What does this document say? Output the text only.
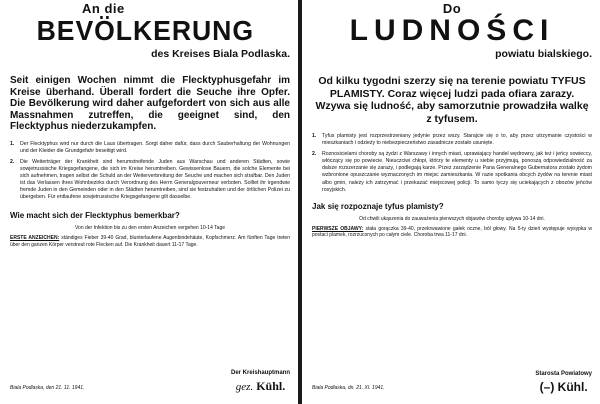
An die
BEVÖLKERUNG
des Kreises Biala Podlaska.
Seit einigen Wochen nimmt die Flecktyphusgefahr im Kreise überhand. Überall fordert die Seuche ihre Opfer. Die Bevölkerung wird daher aufgefordert von sich aus alle Massnahmen zutreffen, die geeignet sind, den Flecktyphus niederzukampfen.
1.	Der Flecktyphus wird nur durch die Laus übertragen. Sorgt daher dafür, dass durch Sauberhaltung der Wohnungen und der Kleider die Grundgefahr beseitigt wird.
2.	Die Weiterträger der Krankheit sind herumstreifende Juden aus Warschau und anderen Städten, sowie sowjetrussische Kriegsgefangene, die sich im Kreise herumtreiben. Gewissenlose Bauern, die solche Elemente bei sich aufnehmen, tragen selbst die Schuld an der Weiterverbreitung der Seuche und machen sich strafbar. Den Juden ist das Verlassen ihres Wohnbezirks durch Verordnung des Herrn Generalgouverneur verboten. Solltet ihr irgendwie fremde Juden in den Gemeinden oder in den Städten herumtreiben, sind sie festzuhalten und der örtlichen Polizei zu übergeben. Für entlaufene sowjetrussische Kriegsgefangene gilt dasselbe.
Wie macht sich der Flecktyphus bemerkbar?
Von der Infektion bis zu den ersten Anzeichen vergehen 10-14 Tage
ERSTE ANZEICHEN: ständiges Fieber 39-40 Grad, blunterlaufene Augenbindehäute, Kopfschmerz. Am fünften Tage treten über den ganzen Körper verstreut rote Flecken auf. Die Krankheit dauert 11-17 Tage.
Biala Podlaska, den 21. 11. 1941.
Der Kreishauptmann
gez. Kühl.
Do
LUDNOŚCI
powiatu bialskiego.
Od kilku tygodni szerzy się na terenie powiatu TYFUS PLAMISTY. Coraz więcej ludzi pada ofiara zarazy. Wzywa się ludność, aby samorzutnie prowadziła walkę z tyfusem.
1.	Tyfus plamisty jest rozprzestrzeniany jedynie przez wszy. Starajcie się o to, aby przez utrzymanie czystości w mieszkaniach i odzieży to niebezpieczeństwo zasadnicze zostało usunięte.
2.	Roznosicielami choroby są żydzi z Warszawy i innych miast, uprawiający handel wędrowny, jak też i jeńcy sowieccy, włóczący się po powiecie. Nieuczciwi chłopi, którzy te elementy u siebie przyjmują, ponoszą odpowiedzialność za dalsze rozszerzanie się zarazy, i podlegają karze. Przez zarządzenie Pana Generalnego Gubernatora zostało żydom wzbronione opuszczanie wyznaczonych im miejsc zamieszkania. W razie spotkania obcych żydów na terenie miast albo gmin, należy ich zatrzymać i przekazać miejscowej policji. To samo tyczy się uciekających z obozów jeńców rosyjskich.
Jak się rozpoznaje tyfus plamisty?
Od chwili ukąszenia do zauważenia pierwszych objawów choroby upływa 10-14 dni.
PIERWSZE OBJAWY: stała gorączka 39-40, przekrwawione gałek oczne, ból głowy. Na 5-ty dzień występuje wysypka w postaci plamek, rozrzuconych po całym ciele. Choroba trwa 11-17 dni.
Biala Podlaska, dn. 21. XI. 1941.
Starosta Powiatowy
(–) Kühl.
